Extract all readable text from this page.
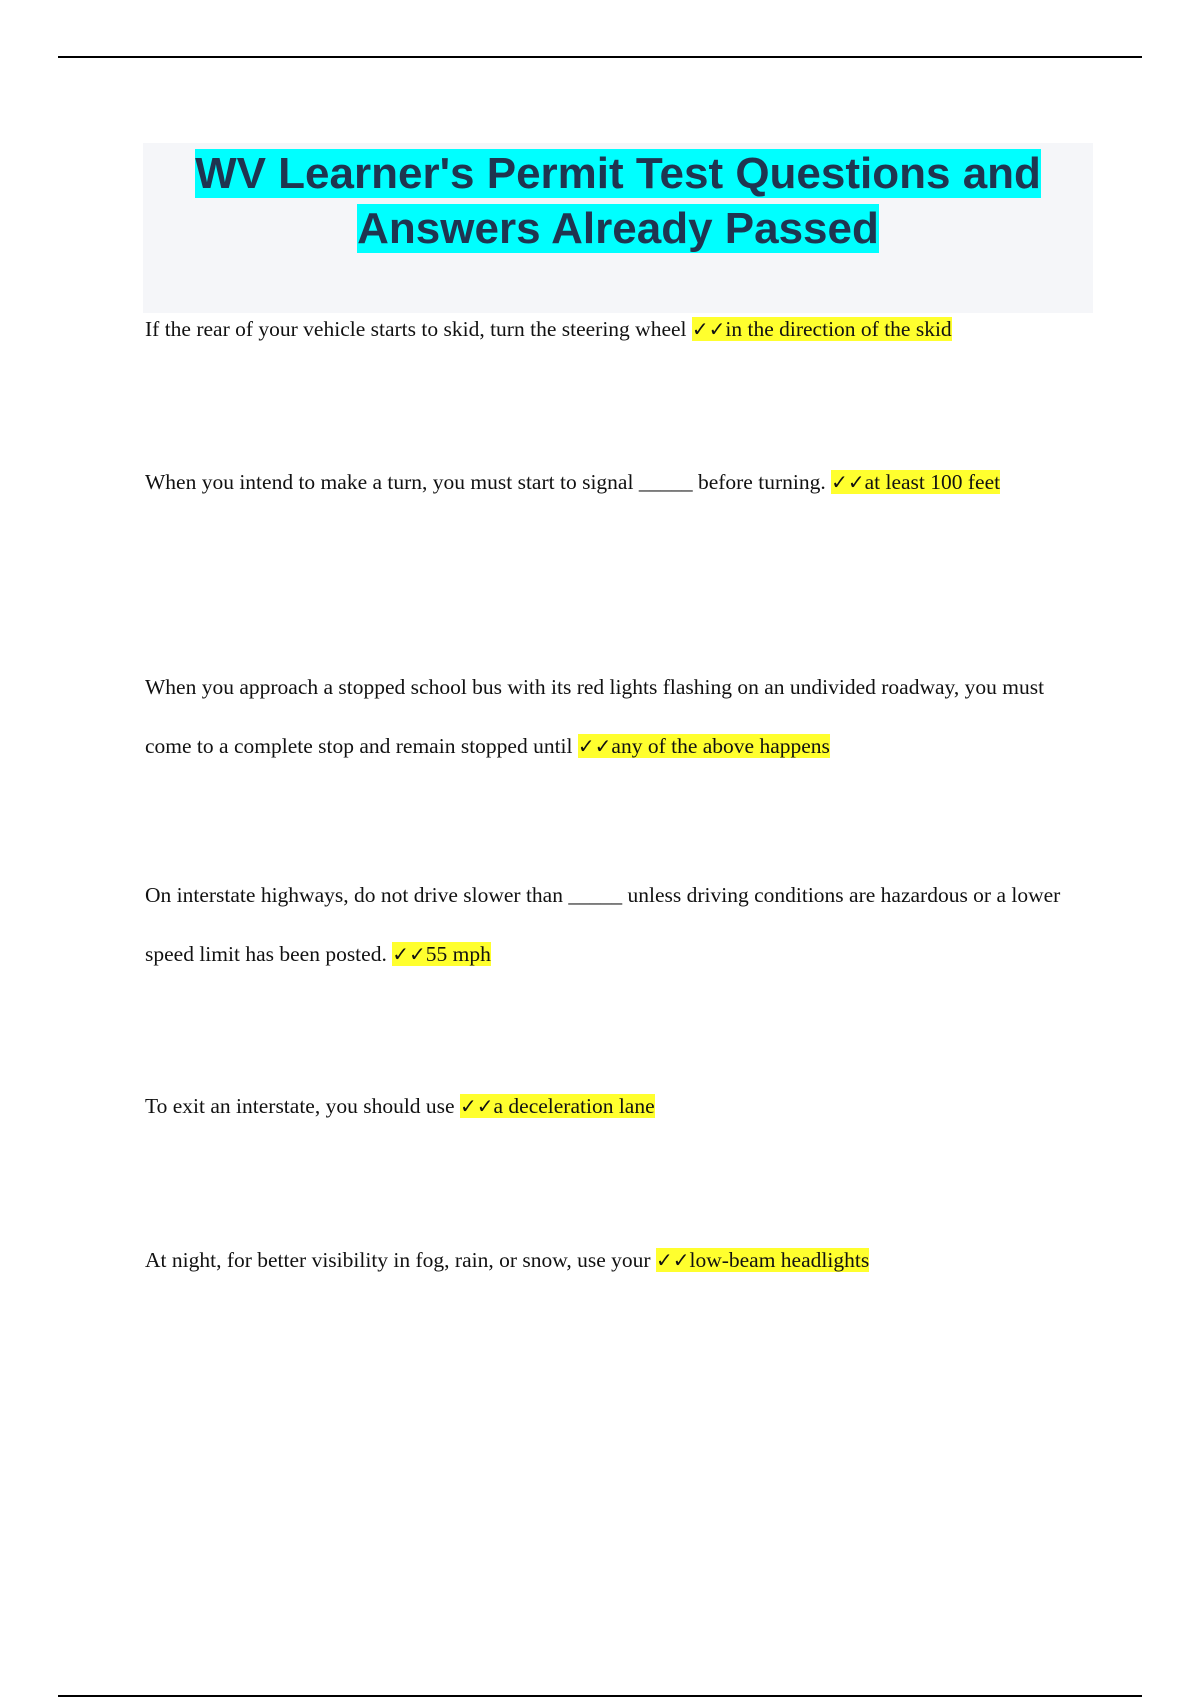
WV Learner's Permit Test Questions and
Answers Already Passed

If the rear of your vehicle starts to skid, turn the steering wheel ✓✓in the direction of the skid

When you intend to make a turn, you must start to signal _____ before turning. ✓✓at least 100 feet

When you approach a stopped school bus with its red lights flashing on an undivided roadway, you must come to a complete stop and remain stopped until ✓✓any of the above happens

On interstate highways, do not drive slower than _____ unless driving conditions are hazardous or a lower speed limit has been posted. ✓✓55 mph

To exit an interstate, you should use ✓✓a deceleration lane

At night, for better visibility in fog, rain, or snow, use your ✓✓low-beam headlights
